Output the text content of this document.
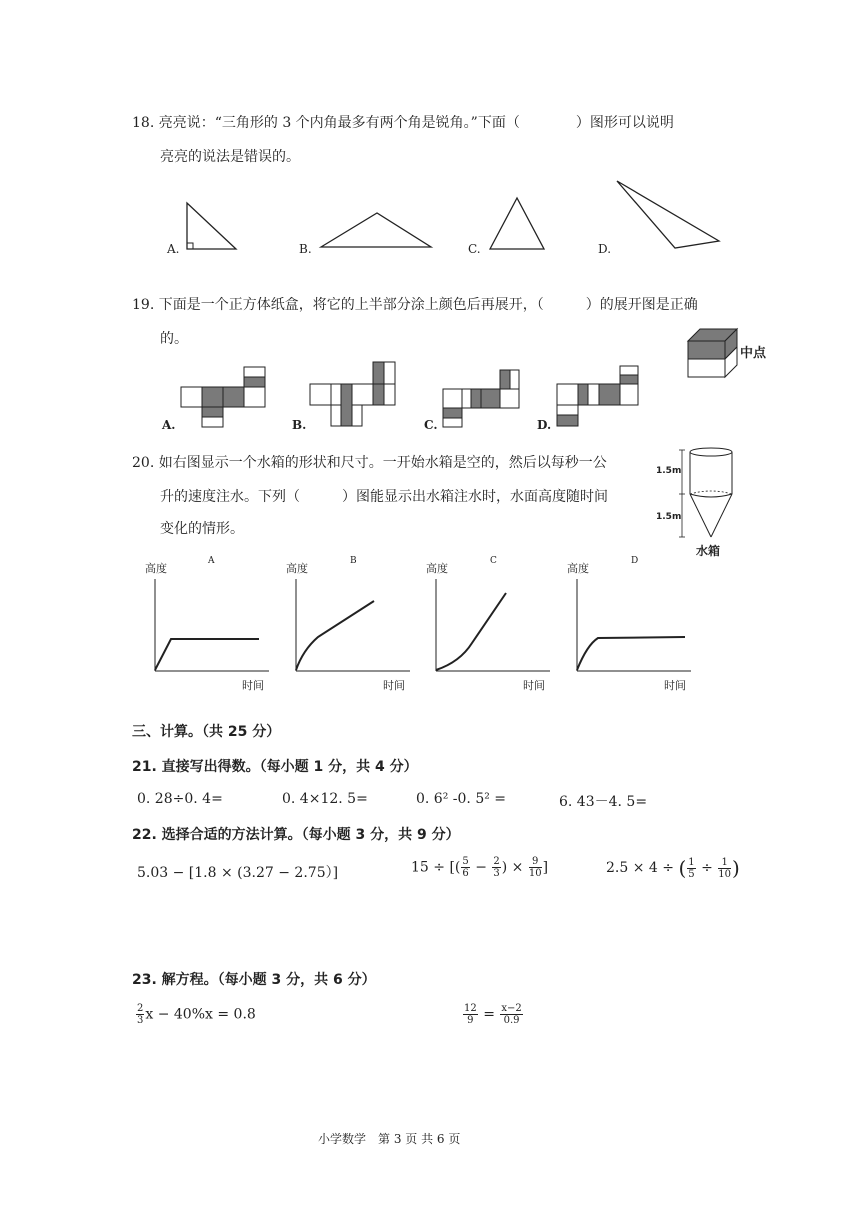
18. 亮亮说：“三角形的 3 个内角最多有两个角是锐角。”下面（　　　　）图形可以说明
亮亮的说法是错误的。
A.	B.	C.	D.
19. 下面是一个正方体纸盒，将它的上半部分涂上颜色后再展开，（　　　）的展开图是正确
的。
中点
A.	B.	C.	D.
20. 如右图显示一个水箱的形状和尺寸。一开始水箱是空的，然后以每秒一公
升的速度注水。下列（　　　）图能显示出水箱注水时，水面高度随时间
变化的情形。
1.5m
1.5m
水箱
高度
A
时间
高度
B
时间
高度
C
时间
高度
D
时间
三、计算。（共 25 分）
21. 直接写出得数。（每小题 1 分，共 4 分）
0. 28÷0. 4=	0. 4×12. 5=	0. 6² -0. 5² =	6. 43－4. 5=
22. 选择合适的方法计算。（每小题 3 分，共 9 分）
5.03 − [1.8 × (3.27 − 2.75）]	15 ÷ [( $\frac{5}{6} - \frac{2}{3}$ ) × $\frac{9}{10}$ ]	2.5 × 4 ÷ ( $\frac{1}{5} \div \frac{1}{10}$ )
23. 解方程。（每小题 3 分，共 6 分）
$\frac{2}{3}$ x − 40%x = 0.8	$\frac{12}{9} = \frac{x-2}{0.9}$
小学数学　第 3 页 共 6 页
